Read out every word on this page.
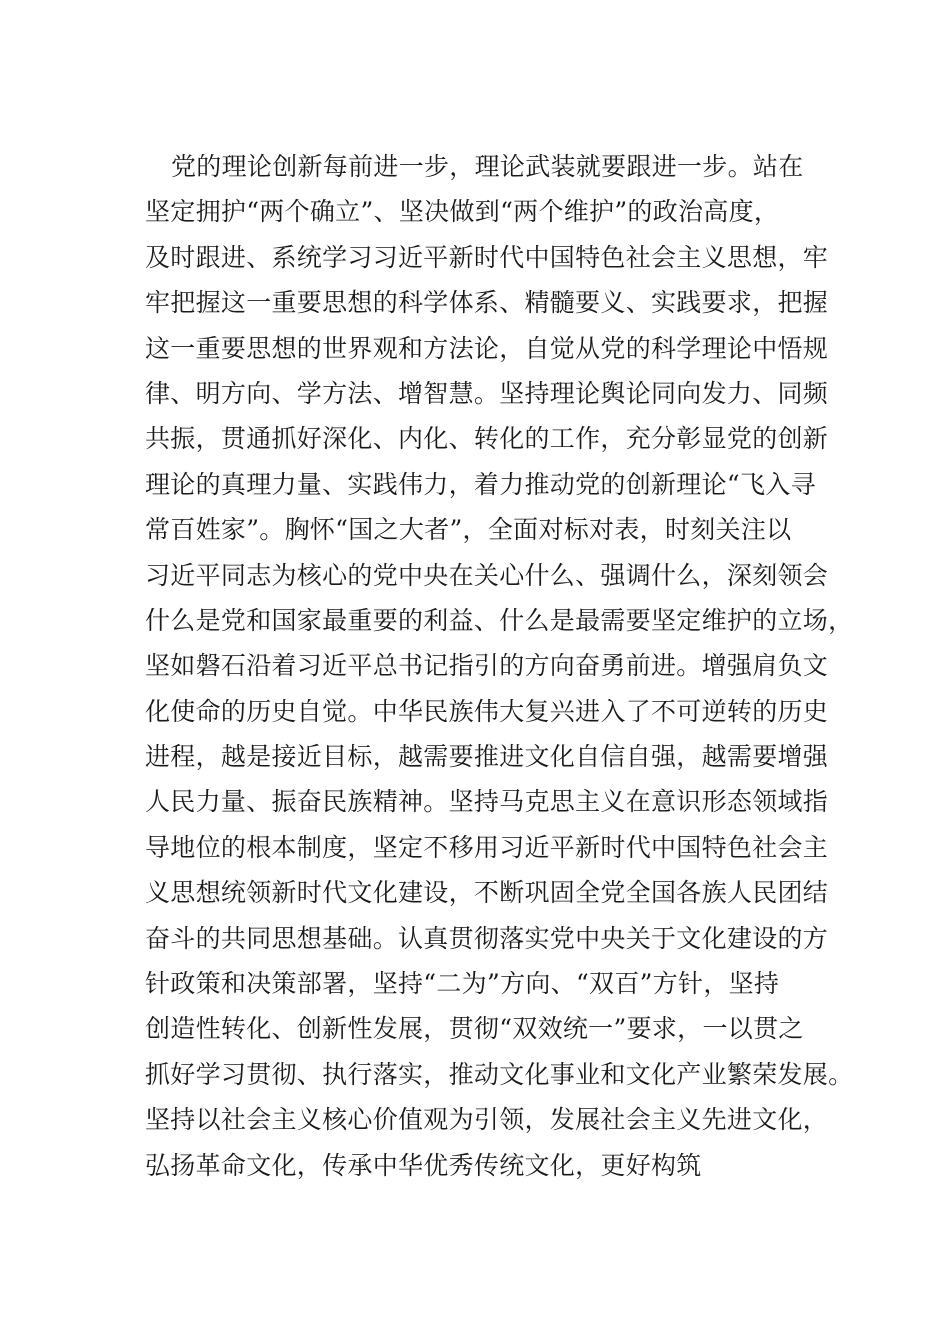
党的理论创新每前进一步，理论武装就要跟进一步。站在
坚定拥护“两个确立”、坚决做到“两个维护”的政治高度，
及时跟进、系统学习习近平新时代中国特色社会主义思想，牢
牢把握这一重要思想的科学体系、精髓要义、实践要求，把握
这一重要思想的世界观和方法论，自觉从党的科学理论中悟规
律、明方向、学方法、增智慧。坚持理论舆论同向发力、同频
共振，贯通抓好深化、内化、转化的工作，充分彰显党的创新
理论的真理力量、实践伟力，着力推动党的创新理论“飞入寻
常百姓家”。胸怀“国之大者”，全面对标对表，时刻关注以
习近平同志为核心的党中央在关心什么、强调什么，深刻领会
什么是党和国家最重要的利益、什么是最需要坚定维护的立场，
坚如磐石沿着习近平总书记指引的方向奋勇前进。增强肩负文
化使命的历史自觉。中华民族伟大复兴进入了不可逆转的历史
进程，越是接近目标，越需要推进文化自信自强，越需要增强
人民力量、振奋民族精神。坚持马克思主义在意识形态领域指
导地位的根本制度，坚定不移用习近平新时代中国特色社会主
义思想统领新时代文化建设，不断巩固全党全国各族人民团结
奋斗的共同思想基础。认真贯彻落实党中央关于文化建设的方
针政策和决策部署，坚持“二为”方向、“双百”方针，坚持
创造性转化、创新性发展，贯彻“双效统一”要求，一以贯之
抓好学习贯彻、执行落实，推动文化事业和文化产业繁荣发展。
坚持以社会主义核心价值观为引领，发展社会主义先进文化，
弘扬革命文化，传承中华优秀传统文化，更好构筑
